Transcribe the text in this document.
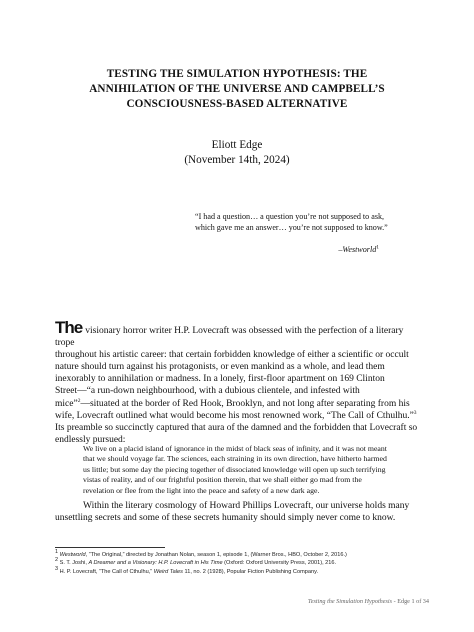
TESTING THE SIMULATION HYPOTHESIS: THE
ANNIHILATION OF THE UNIVERSE AND CAMPBELL’S
CONSCIOUSNESS-BASED ALTERNATIVE
Eliott Edge
(November 14th, 2024)
“I had a question… a question you’re not supposed to ask,
which gave me an answer… you’re not supposed to know.”
–Westworld$^1$
The visionary horror writer H.P. Lovecraft was obsessed with the perfection of a literary trope
throughout his artistic career: that certain forbidden knowledge of either a scientific or occult
nature should turn against his protagonists, or even mankind as a whole, and lead them
inexorably to annihilation or madness. In a lonely, first-floor apartment on 169 Clinton
Street—“a run-down neighbourhood, with a dubious clientele, and infested with
mice”$^2$—situated at the border of Red Hook, Brooklyn, and not long after separating from his
wife, Lovecraft outlined what would become his most renowned work, “The Call of Cthulhu.”$^3$
Its preamble so succinctly captured that aura of the damned and the forbidden that Lovecraft so
endlessly pursued:
We live on a placid island of ignorance in the midst of black seas of infinity, and it was not meant
that we should voyage far. The sciences, each straining in its own direction, have hitherto harmed
us little; but some day the piecing together of dissociated knowledge will open up such terrifying
vistas of reality, and of our frightful position therein, that we shall either go mad from the
revelation or flee from the light into the peace and safety of a new dark age.
Within the literary cosmology of Howard Phillips Lovecraft, our universe holds many
unsettling secrets and some of these secrets humanity should simply never come to know.
$^1$ Westworld, “The Original,” directed by Jonathan Nolan, season 1, episode 1, (Warner Bros., HBO, October 2, 2016.)
$^2$ S. T. Joshi, A Dreamer and a Visionary: H.P. Lovecraft in His Time (Oxford: Oxford University Press, 2001), 216.
$^3$ H. P. Lovecraft, “The Call of Cthulhu,” Weird Tales 11, no. 2 (1928), Popular Fiction Publishing Company.
Testing the Simulation Hypothesis - Edge 1 of 34
